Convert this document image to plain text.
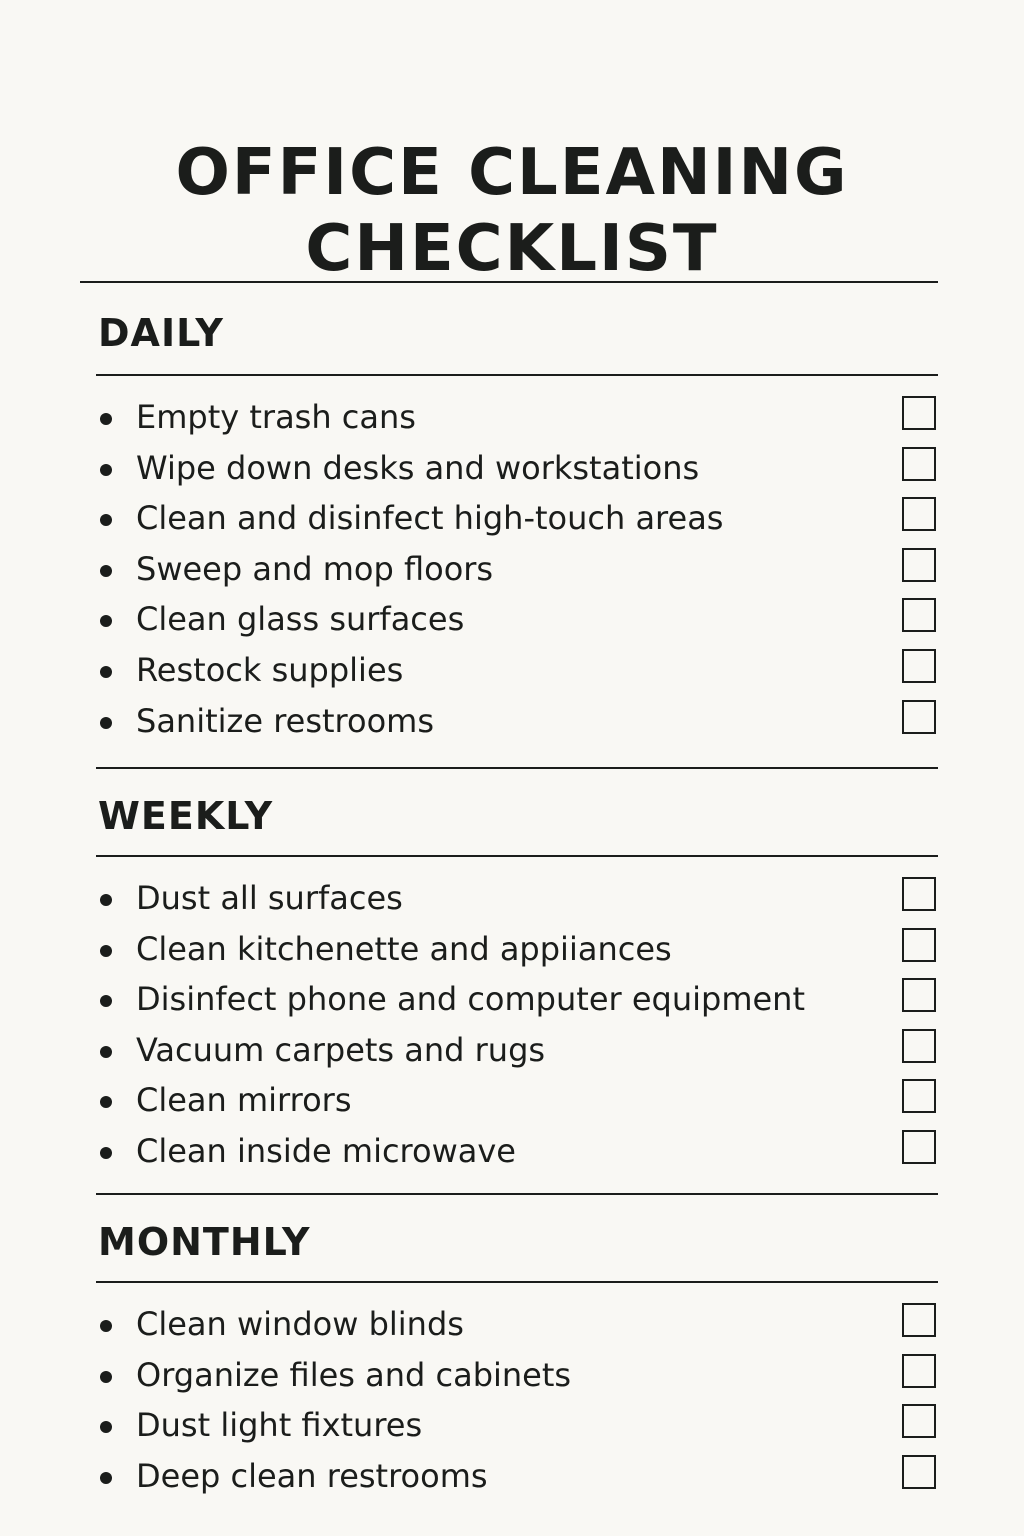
OFFICE CLEANING
CHECKLIST
DAILY
Empty trash cans
Wipe down desks and workstations
Clean and disinfect high-touch areas
Sweep and mop floors
Clean glass surfaces
Restock supplies
Sanitize restrooms
WEEKLY
Dust all surfaces
Clean kitchenette and appiiances
Disinfect phone and computer equipment
Vacuum carpets and rugs
Clean mirrors
Clean inside microwave
MONTHLY
Clean window blinds
Organize files and cabinets
Dust light fixtures
Deep clean restrooms
